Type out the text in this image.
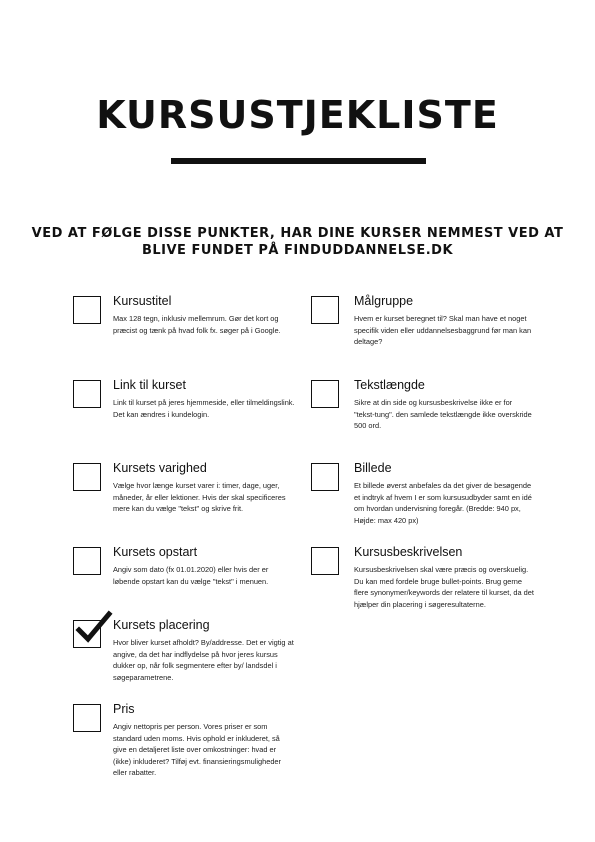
KURSUSTJEKLISTE
VED AT FØLGE DISSE PUNKTER, HAR DINE KURSER NEMMEST VED AT BLIVE FUNDET PÅ FINDUDDANNELSE.DK
Kursustitel
Max 128 tegn, inklusiv mellemrum. Gør det kort og præcist og tænk på hvad folk fx. søger på i Google.
Link til kurset
Link til kurset på jeres hjemmeside, eller tilmeldingslink. Det kan ændres i kundelogin.
Kursets varighed
Vælge hvor længe kurset varer i: timer, dage, uger, måneder, år eller lektioner. Hvis der skal specificeres mere kan du vælge "tekst" og skrive frit.
Kursets opstart
Angiv som dato (fx 01.01.2020) eller hvis der er løbende opstart kan du vælge "tekst" i menuen.
Kursets placering
Hvor bliver kurset afholdt? By/addresse. Det er vigtig at angive, da det har indflydelse på hvor jeres kursus dukker op, når folk segmentere efter by/ landsdel i søgeparametrene.
Pris
Angiv nettopris per person. Vores priser er som standard uden moms. Hvis ophold er inkluderet, så give en detaljeret liste over omkostninger: hvad er (ikke) inkluderet? Tilføj evt. finansieringsmuligheder eller rabatter.
Målgruppe
Hvem er kurset beregnet til? Skal man have et noget specifik viden eller uddannelsesbaggrund før man kan deltage?
Tekstlængde
Sikre at din side og kursusbeskrivelse ikke er for "tekst-tung". den samlede tekstlængde ikke overskride 500 ord.
Billede
Et billede øverst anbefales da det giver de besøgende et indtryk af hvem I er som kursusudbyder samt en idé om hvordan undervisning foregår. (Bredde: 940 px, Højde: max 420 px)
Kursusbeskrivelsen
Kursusbeskrivelsen skal være præcis og overskuelig. Du kan med fordele bruge bullet-points. Brug gerne flere synonymer/keywords der relatere til kurset, da det hjælper din placering i søgeresultaterne.
